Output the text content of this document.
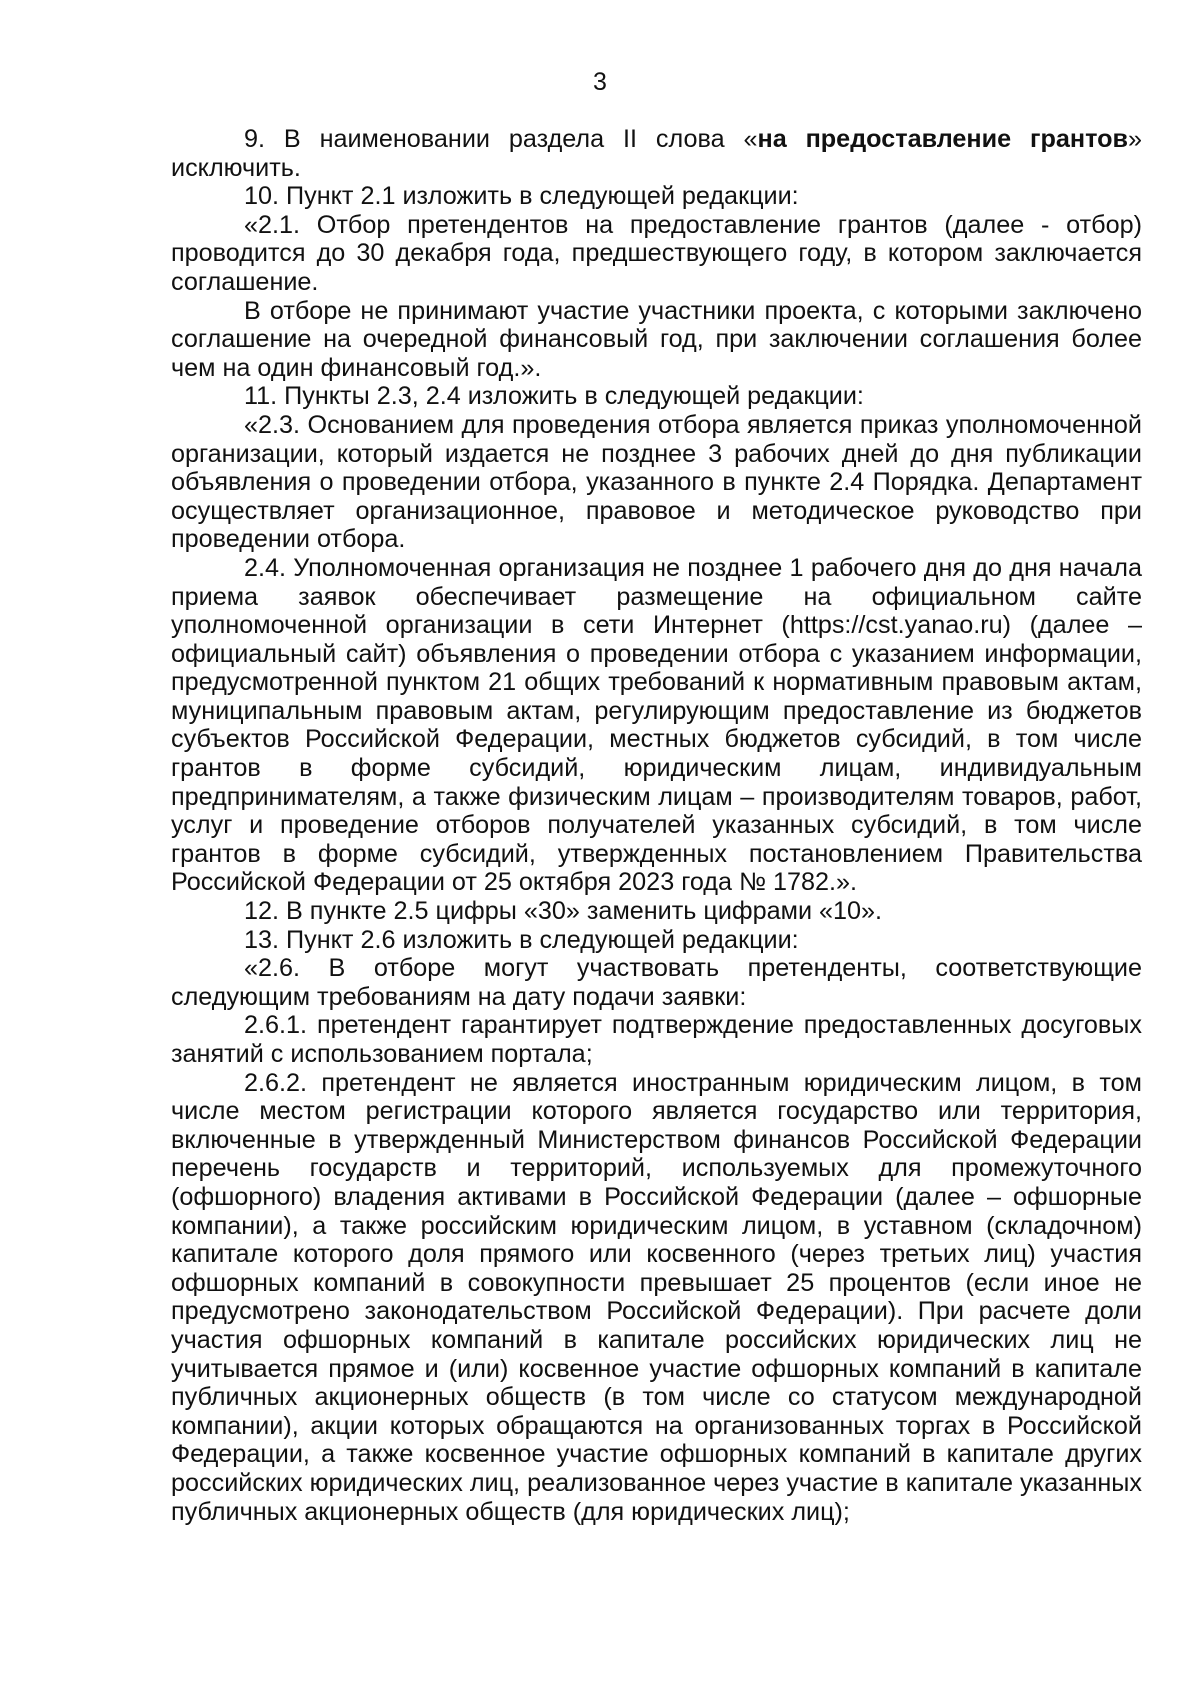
3

9. В наименовании раздела II слова «на предоставление грантов» исключить.

10. Пункт 2.1 изложить в следующей редакции:

«2.1. Отбор претендентов на предоставление грантов (далее - отбор) проводится до 30 декабря года, предшествующего году, в котором заключается соглашение.

В отборе не принимают участие участники проекта, с которыми заключено соглашение на очередной финансовый год, при заключении соглашения более чем на один финансовый год.».

11. Пункты 2.3, 2.4 изложить в следующей редакции:

«2.3. Основанием для проведения отбора является приказ уполномоченной организации, который издается не позднее 3 рабочих дней до дня публикации объявления о проведении отбора, указанного в пункте 2.4 Порядка. Департамент осуществляет организационное, правовое и методическое руководство при проведении отбора.

2.4. Уполномоченная организация не позднее 1 рабочего дня до дня начала приема заявок обеспечивает размещение на официальном сайте уполномоченной организации в сети Интернет (https://cst.yanao.ru) (далее – официальный сайт) объявления о проведении отбора с указанием информации, предусмотренной пунктом 21 общих требований к нормативным правовым актам, муниципальным правовым актам, регулирующим предоставление из бюджетов субъектов Российской Федерации, местных бюджетов субсидий, в том числе грантов в форме субсидий, юридическим лицам, индивидуальным предпринимателям, а также физическим лицам – производителям товаров, работ, услуг и проведение отборов получателей указанных субсидий, в том числе грантов в форме субсидий, утвержденных постановлением Правительства Российской Федерации от 25 октября 2023 года № 1782.».

12. В пункте 2.5 цифры «30» заменить цифрами «10».

13. Пункт 2.6 изложить в следующей редакции:

«2.6. В отборе могут участвовать претенденты, соответствующие следующим требованиям на дату подачи заявки:

2.6.1. претендент гарантирует подтверждение предоставленных досуговых занятий с использованием портала;

2.6.2. претендент не является иностранным юридическим лицом, в том числе местом регистрации которого является государство или территория, включенные в утвержденный Министерством финансов Российской Федерации перечень государств и территорий, используемых для промежуточного (офшорного) владения активами в Российской Федерации (далее – офшорные компании), а также российским юридическим лицом, в уставном (складочном) капитале которого доля прямого или косвенного (через третьих лиц) участия офшорных компаний в совокупности превышает 25 процентов (если иное не предусмотрено законодательством Российской Федерации). При расчете доли участия офшорных компаний в капитале российских юридических лиц не учитывается прямое и (или) косвенное участие офшорных компаний в капитале публичных акционерных обществ (в том числе со статусом международной компании), акции которых обращаются на организованных торгах в Российской Федерации, а также косвенное участие офшорных компаний в капитале других российских юридических лиц, реализованное через участие в капитале указанных публичных акционерных обществ (для юридических лиц);
